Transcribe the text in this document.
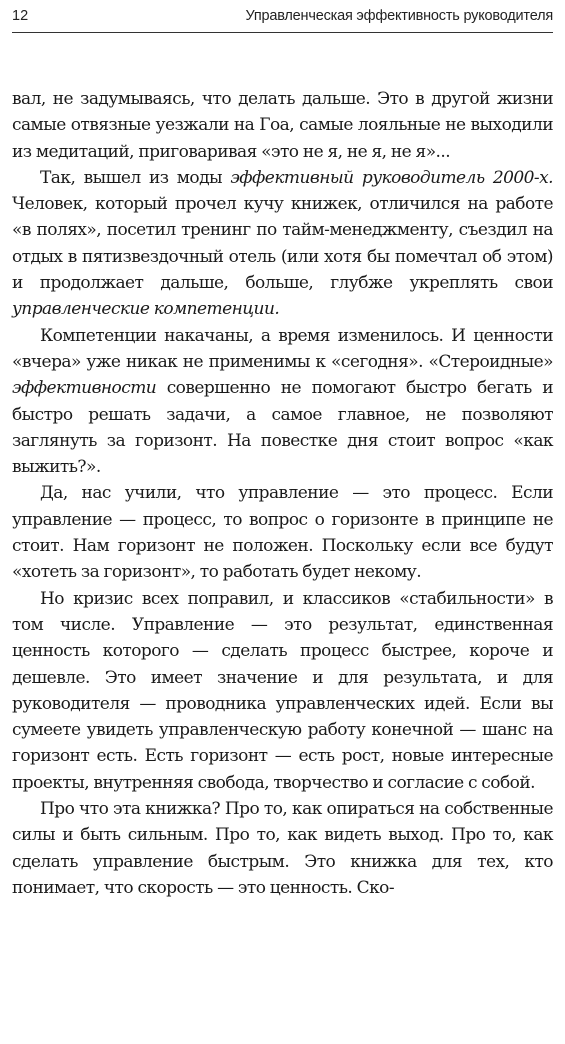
12	Управленческая эффективность руководителя

вал, не задумываясь, что делать дальше. Это в другой жизни самые отвязные уезжали на Гоа, самые лояльные не выходили из медитаций, приговаривая «это не я, не я, не я»...

Так, вышел из моды эффективный руководитель 2000-х. Человек, который прочел кучу книжек, отличился на работе «в полях», посетил тренинг по тайм-менеджменту, съездил на отдых в пятизвездочный отель (или хотя бы помечтал об этом) и продолжает дальше, больше, глубже укреплять свои управленческие компетенции.

Компетенции накачаны, а время изменилось. И ценности «вчера» уже никак не применимы к «сегодня». «Стероидные» эффективности совершенно не помогают быстро бегать и быстро решать задачи, а самое главное, не позволяют заглянуть за горизонт. На повестке дня стоит вопрос «как выжить?».

Да, нас учили, что управление — это процесс. Если управление — процесс, то вопрос о горизонте в принципе не стоит. Нам горизонт не положен. Поскольку если все будут «хотеть за горизонт», то работать будет некому.

Но кризис всех поправил, и классиков «стабильности» в том числе. Управление — это результат, единственная ценность которого — сделать процесс быстрее, короче и дешевле. Это имеет значение и для результата, и для руководителя — проводника управленческих идей. Если вы сумеете увидеть управленческую работу конечной — шанс на горизонт есть. Есть горизонт — есть рост, новые интересные проекты, внутренняя свобода, творчество и согласие с собой.

Про что эта книжка? Про то, как опираться на собственные силы и быть сильным. Про то, как видеть выход. Про то, как сделать управление быстрым. Это книжка для тех, кто понимает, что скорость — это ценность. Ско-
